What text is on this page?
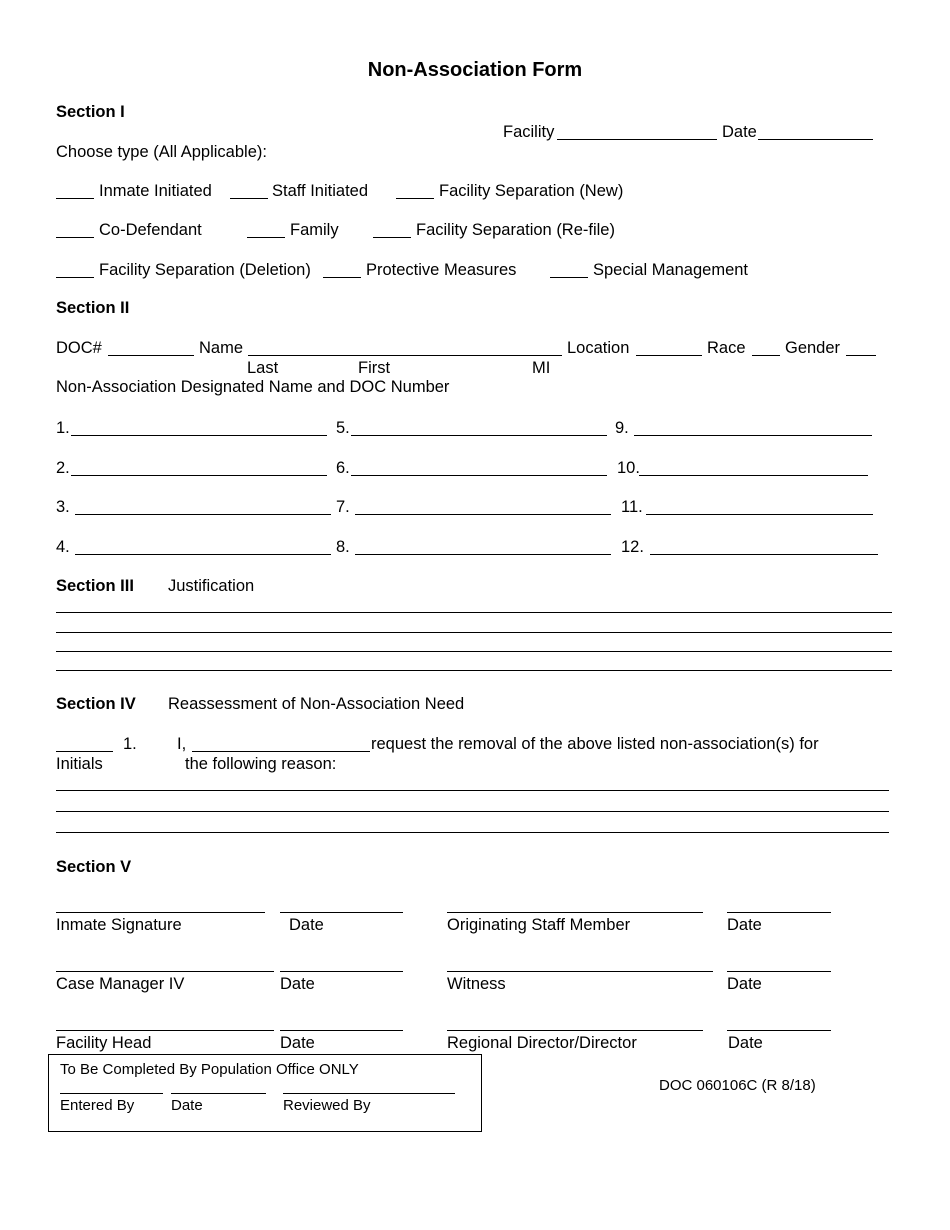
Non-Association Form
Section I
Facility	Date
Choose type (All Applicable):
Inmate Initiated	Staff Initiated	Facility Separation (New)
Co-Defendant	Family	Facility Separation (Re-file)
Facility Separation (Deletion)	Protective Measures	Special Management
Section II
DOC#	Name	Location	Race Gender
Last	First	MI
Non-Association Designated Name and DOC Number
1.
2.
3.
4.
5.
6.
7.
8.
9.
10.
11.
12.
Section III Justification
Section IV Reassessment of Non-Association Need
1. I,	request the removal of the above listed non-association(s) for
Initials	the following reason:
Section V
Inmate Signature	Date	Originating Staff Member	Date
Case Manager IV	Date	Witness	Date
Facility Head	Date	Regional Director/Director	Date
To Be Completed By Population Office ONLY
Entered By Date	Reviewed By
DOC 060106C (R 8/18)
